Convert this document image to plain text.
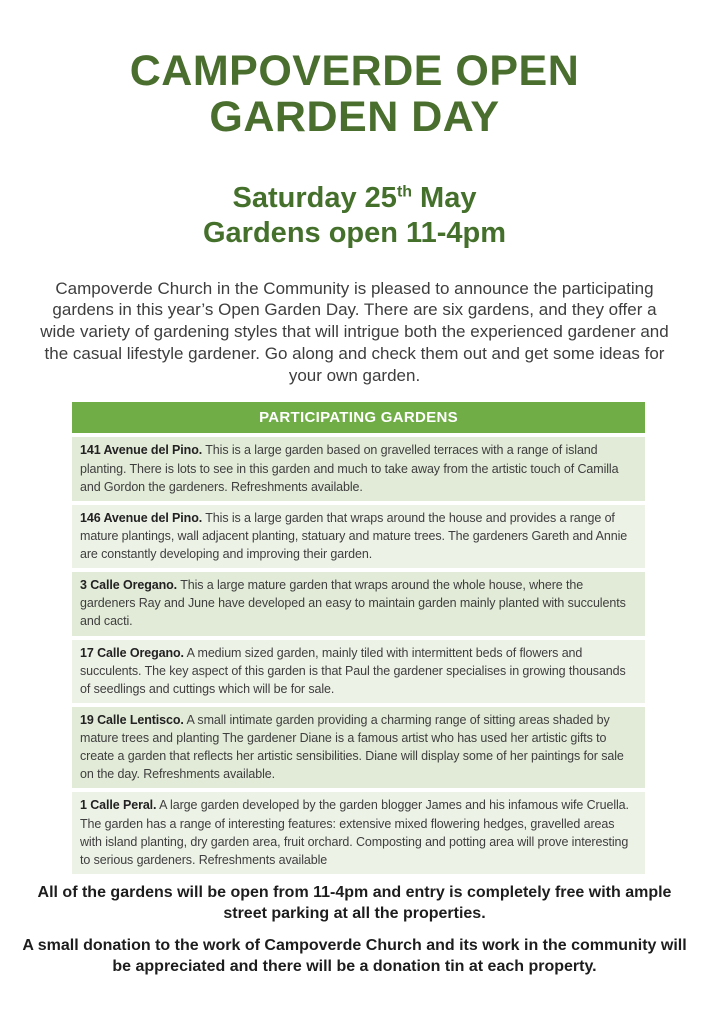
CAMPOVERDE OPEN
GARDEN DAY
Saturday 25th May
Gardens open 11-4pm

Campoverde Church in the Community is pleased to announce the participating gardens in this year’s Open Garden Day. There are six gardens, and they offer a wide variety of gardening styles that will intrigue both the experienced gardener and the casual lifestyle gardener. Go along and check them out and get some ideas for your own garden.

PARTICIPATING GARDENS
141 Avenue del Pino. This is a large garden based on gravelled terraces with a range of island planting. There is lots to see in this garden and much to take away from the artistic touch of Camilla and Gordon the gardeners. Refreshments available.
146 Avenue del Pino. This is a large garden that wraps around the house and provides a range of mature plantings, wall adjacent planting, statuary and mature trees. The gardeners Gareth and Annie are constantly developing and improving their garden.
3 Calle Oregano. This a large mature garden that wraps around the whole house, where the gardeners Ray and June have developed an easy to maintain garden mainly planted with succulents and cacti.
17 Calle Oregano. A medium sized garden, mainly tiled with intermittent beds of flowers and succulents. The key aspect of this garden is that Paul the gardener specialises in growing thousands of seedlings and cuttings which will be for sale.
19 Calle Lentisco. A small intimate garden providing a charming range of sitting areas shaded by mature trees and planting The gardener Diane is a famous artist who has used her artistic gifts to create a garden that reflects her artistic sensibilities. Diane will display some of her paintings for sale on the day. Refreshments available.
1 Calle Peral. A large garden developed by the garden blogger James and his infamous wife Cruella. The garden has a range of interesting features: extensive mixed flowering hedges, gravelled areas with island planting, dry garden area, fruit orchard. Composting and potting area will prove interesting to serious gardeners. Refreshments available

All of the gardens will be open from 11-4pm and entry is completely free with ample street parking at all the properties.

A small donation to the work of Campoverde Church and its work in the community will be appreciated and there will be a donation tin at each property.
